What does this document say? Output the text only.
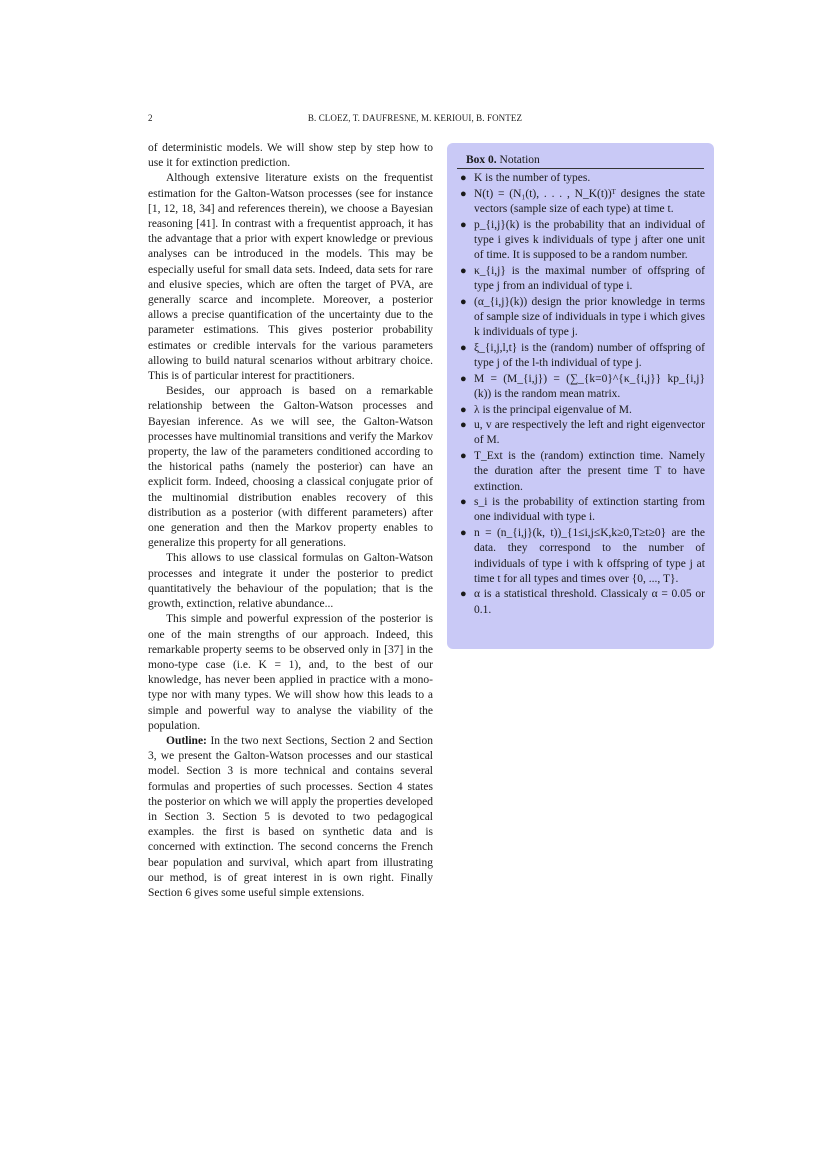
2	B. CLOEZ, T. DAUFRESNE, M. KERIOUI, B. FONTEZ

of deterministic models. We will show step by step how to use it for extinction prediction.

Although extensive literature exists on the frequentist estimation for the Galton-Watson processes (see for instance [1, 12, 18, 34] and references therein), we choose a Bayesian reasoning [41]. In contrast with a frequentist approach, it has the advantage that a prior with expert knowledge or previous analyses can be introduced in the models. This may be especially useful for small data sets. Indeed, data sets for rare and elusive species, which are often the target of PVA, are generally scarce and incomplete. Moreover, a posterior allows a precise quantification of the uncertainty due to the parameter estimations. This gives posterior probability estimates or credible intervals for the various parameters allowing to build natural scenarios without arbitrary choice. This is of particular interest for practitioners.

Besides, our approach is based on a remarkable relationship between the Galton-Watson processes and Bayesian inference. As we will see, the Galton-Watson processes have multinomial transitions and verify the Markov property, the law of the parameters conditioned according to the historical paths (namely the posterior) can have an explicit form. Indeed, choosing a classical conjugate prior of the multinomial distribution enables recovery of this distribution as a posterior (with different parameters) after one generation and then the Markov property enables to generalize this property for all generations.

This allows to use classical formulas on Galton-Watson processes and integrate it under the posterior to predict quantitatively the behaviour of the population; that is the growth, extinction, relative abundance...

This simple and powerful expression of the posterior is one of the main strengths of our approach. Indeed, this remarkable property seems to be observed only in [37] in the mono-type case (i.e. K = 1), and, to the best of our knowledge, has never been applied in practice with a mono-type nor with many types. We will show how this leads to a simple and powerful way to analyse the viability of the population.

Outline: In the two next Sections, Section 2 and Section 3, we present the Galton-Watson processes and our stastical model. Section 3 is more technical and contains several formulas and properties of such processes. Section 4 states the posterior on which we will apply the properties developed in Section 3. Section 5 is devoted to two pedagogical examples. the first is based on synthetic data and is concerned with extinction. The second concerns the French bear population and survival, which apart from illustrating our method, is of great interest in is own right. Finally Section 6 gives some useful simple extensions.

Box 0. Notation
● K is the number of types.
● N(t) = (N₁(t), . . . , N_K(t))ᵀ designes the state vectors (sample size of each type) at time t.
● p_{i,j}(k) is the probability that an individual of type i gives k individuals of type j after one unit of time. It is supposed to be a random number.
● κ_{i,j} is the maximal number of offspring of type j from an individual of type i.
● (α_{i,j}(k)) design the prior knowledge in terms of sample size of individuals in type i which gives k individuals of type j.
● ξ_{i,j,l,t} is the (random) number of offspring of type j of the l-th individual of type j.
● M = (M_{i,j}) = (∑_{k=0}^{κ_{i,j}} kp_{i,j}(k)) is the random mean matrix.
● λ is the principal eigenvalue of M.
● u, v are respectively the left and right eigenvector of M.
● T_Ext is the (random) extinction time. Namely the duration after the present time T to have extinction.
● s_i is the probability of extinction starting from one individual with type i.
● n = (n_{i,j}(k, t))_{1≤i,j≤K,k≥0,T≥t≥0} are the data. they correspond to the number of individuals of type i with k offspring of type j at time t for all types and times over {0, ..., T}.
● α is a statistical threshold. Classicaly α = 0.05 or 0.1.
